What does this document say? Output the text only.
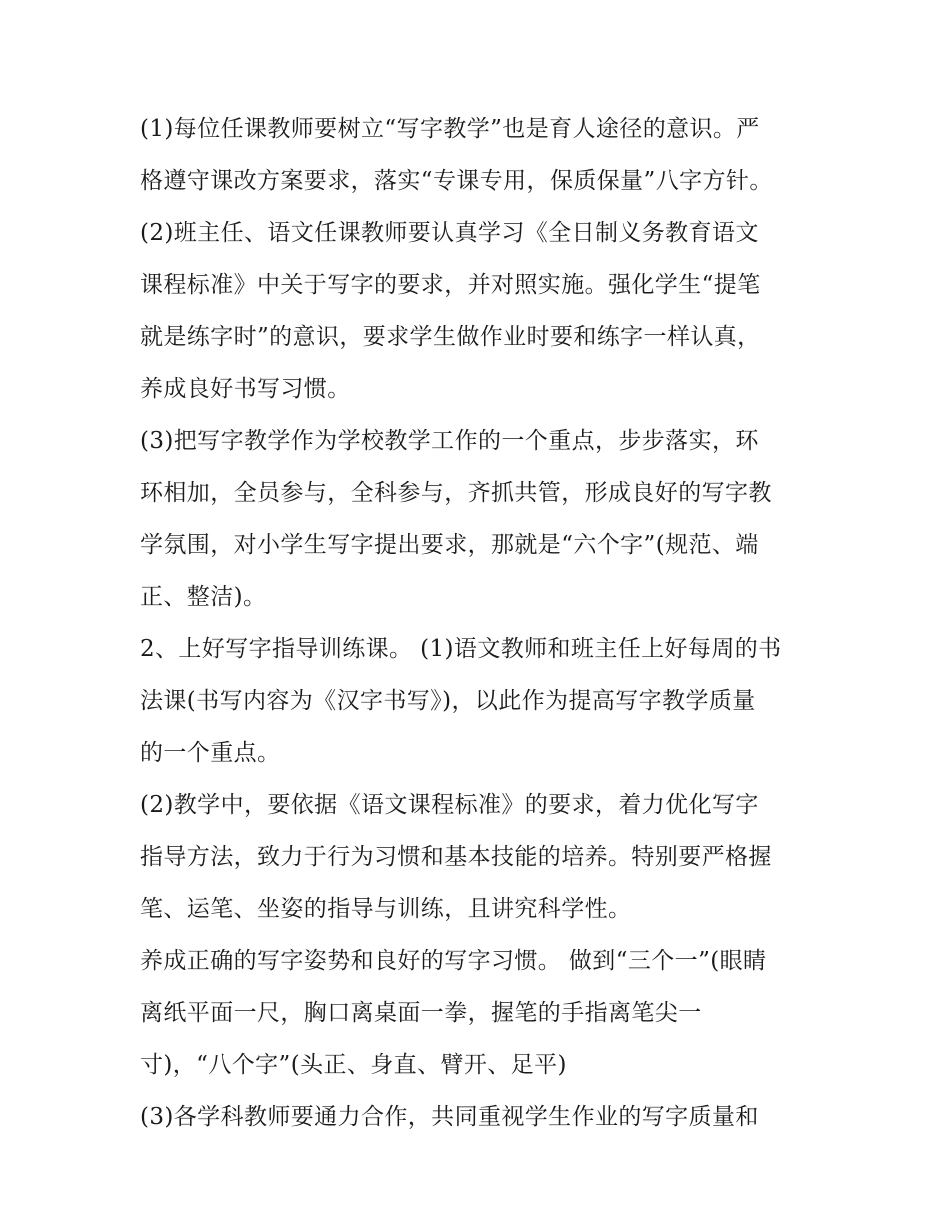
(1)每位任课教师要树立“写字教学”也是育人途径的意识。严
格遵守课改方案要求，落实“专课专用，保质保量”八字方针。
(2)班主任、语文任课教师要认真学习《全日制义务教育语文
课程标准》中关于写字的要求，并对照实施。强化学生“提笔
就是练字时”的意识，要求学生做作业时要和练字一样认真，
养成良好书写习惯。
(3)把写字教学作为学校教学工作的一个重点，步步落实，环
环相加，全员参与，全科参与，齐抓共管，形成良好的写字教
学氛围，对小学生写字提出要求，那就是“六个字”(规范、端
正、整洁)。
2、上好写字指导训练课。 (1)语文教师和班主任上好每周的书
法课(书写内容为《汉字书写》)，以此作为提高写字教学质量
的一个重点。
(2)教学中，要依据《语文课程标准》的要求，着力优化写字
指导方法，致力于行为习惯和基本技能的培养。特别要严格握
笔、运笔、坐姿的指导与训练，且讲究科学性。
养成正确的写字姿势和良好的写字习惯。 做到“三个一”(眼睛
离纸平面一尺，胸口离桌面一拳，握笔的手指离笔尖一
寸)，“八个字”(头正、身直、臂开、足平)
(3)各学科教师要通力合作，共同重视学生作业的写字质量和
